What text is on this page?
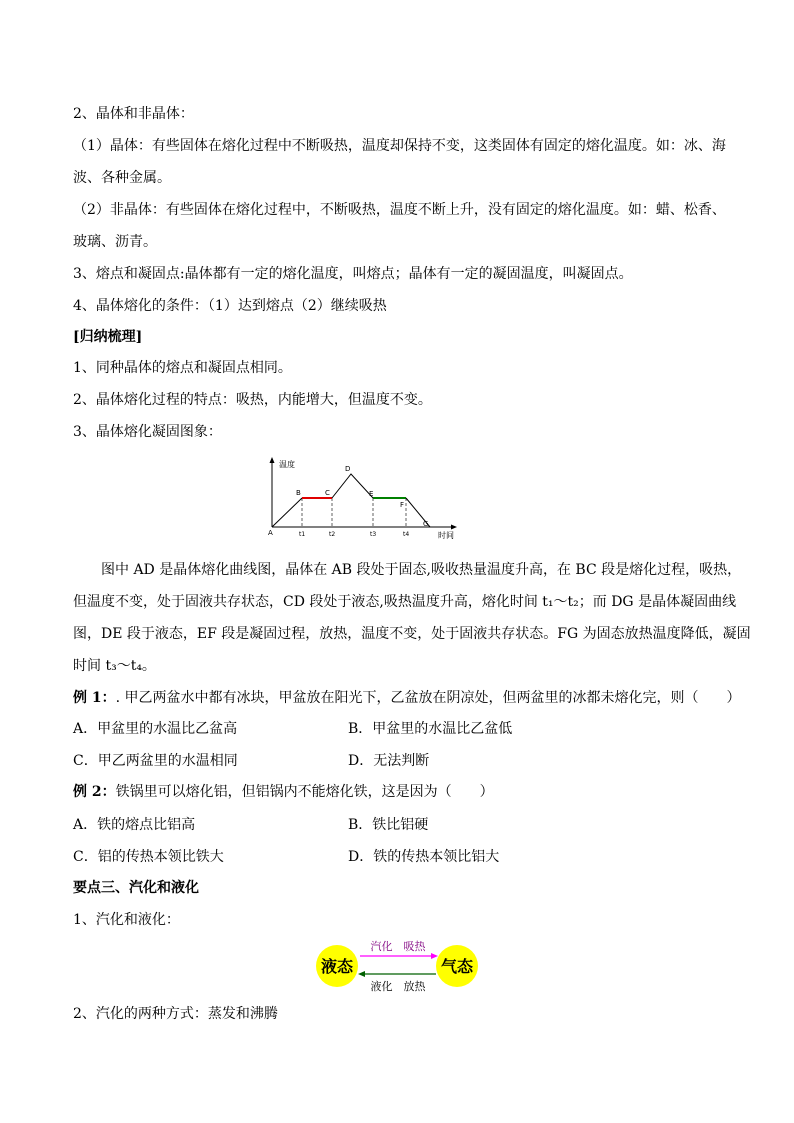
2、晶体和非晶体：
（1）晶体：有些固体在熔化过程中不断吸热，温度却保持不变，这类固体有固定的熔化温度。如：冰、海
波、各种金属。
（2）非晶体：有些固体在熔化过程中，不断吸热，温度不断上升，没有固定的熔化温度。如：蜡、松香、
玻璃、沥青。
3、熔点和凝固点:晶体都有一定的熔化温度，叫熔点；晶体有一定的凝固温度，叫凝固点。
4、晶体熔化的条件：（1）达到熔点（2）继续吸热
[归纳梳理]
1、同种晶体的熔点和凝固点相同。
2、晶体熔化过程的特点：吸热，内能增大，但温度不变。
3、晶体熔化凝固图象：
温度
时间
A
B	C
D
E
F
G
t1	t2	t3	t4
图中 AD 是晶体熔化曲线图，晶体在 AB 段处于固态,吸收热量温度升高，在 BC 段是熔化过程，吸热，
但温度不变，处于固液共存状态，CD 段处于液态,吸热温度升高，熔化时间 t₁～t₂；而 DG 是晶体凝固曲线
图，DE 段于液态，EF 段是凝固过程，放热，温度不变，处于固液共存状态。FG 为固态放热温度降低，凝固
时间 t₃～t₄。
例 1：. 甲乙两盆水中都有冰块，甲盆放在阳光下，乙盆放在阴凉处，但两盆里的冰都未熔化完，则（　　）
A．甲盆里的水温比乙盆高	B．甲盆里的水温比乙盆低
C．甲乙两盆里的水温相同	D．无法判断
例 2：铁锅里可以熔化铝，但铝锅内不能熔化铁，这是因为（　　）
A．铁的熔点比铝高	B．铁比铝硬
C．铝的传热本领比铁大	D．铁的传热本领比铝大
要点三、汽化和液化
1、汽化和液化：
液态	气态
汽化　吸热
液化　放热
2、汽化的两种方式：蒸发和沸腾
